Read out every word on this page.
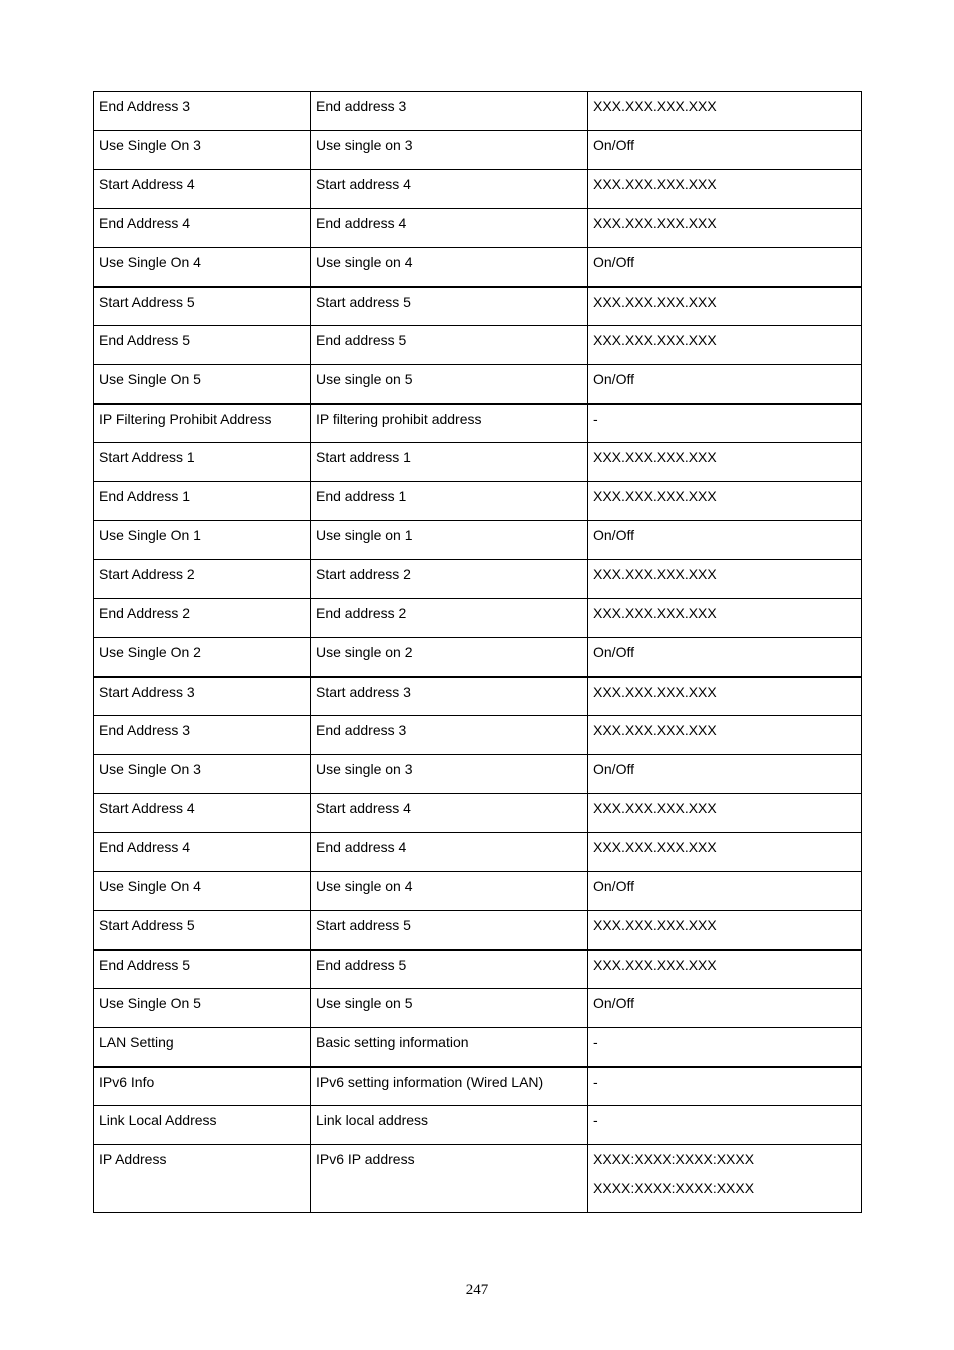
End Address 3	End address 3	XXX.XXX.XXX.XXX
Use Single On 3	Use single on 3	On/Off
Start Address 4	Start address 4	XXX.XXX.XXX.XXX
End Address 4	End address 4	XXX.XXX.XXX.XXX
Use Single On 4	Use single on 4	On/Off
Start Address 5	Start address 5	XXX.XXX.XXX.XXX
End Address 5	End address 5	XXX.XXX.XXX.XXX
Use Single On 5	Use single on 5	On/Off
IP Filtering Prohibit Address	IP filtering prohibit address	-
Start Address 1	Start address 1	XXX.XXX.XXX.XXX
End Address 1	End address 1	XXX.XXX.XXX.XXX
Use Single On 1	Use single on 1	On/Off
Start Address 2	Start address 2	XXX.XXX.XXX.XXX
End Address 2	End address 2	XXX.XXX.XXX.XXX
Use Single On 2	Use single on 2	On/Off
Start Address 3	Start address 3	XXX.XXX.XXX.XXX
End Address 3	End address 3	XXX.XXX.XXX.XXX
Use Single On 3	Use single on 3	On/Off
Start Address 4	Start address 4	XXX.XXX.XXX.XXX
End Address 4	End address 4	XXX.XXX.XXX.XXX
Use Single On 4	Use single on 4	On/Off
Start Address 5	Start address 5	XXX.XXX.XXX.XXX
End Address 5	End address 5	XXX.XXX.XXX.XXX
Use Single On 5	Use single on 5	On/Off
LAN Setting	Basic setting information	-
IPv6 Info	IPv6 setting information (Wired LAN)	-
Link Local Address	Link local address	-
IP Address	IPv6 IP address	XXXX:XXXX:XXXX:XXXX
XXXX:XXXX:XXXX:XXXX
247
